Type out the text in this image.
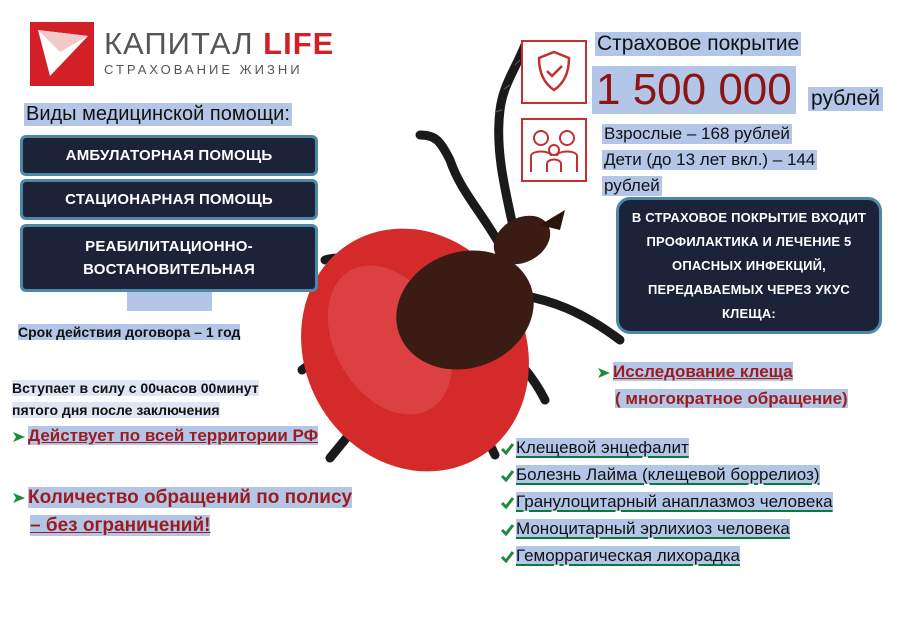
КАПИТАЛ LIFE
СТРАХОВАНИЕ ЖИЗНИ
Виды медицинской помощи:
АМБУЛАТОРНАЯ ПОМОЩЬ
СТАЦИОНАРНАЯ ПОМОЩЬ
РЕАБИЛИТАЦИОННО-
ВОСТАНОВИТЕЛЬНАЯ
Срок действия договора – 1 год
Вступает в силу с 00часов 00минут
пятого дня после заключения
Действует по всей территории РФ
Количество обращений по полису
– без ограничений!
Страховое покрытие
1 500 000 рублей
Взрослые – 168 рублей
Дети (до 13 лет вкл.) – 144
рублей
В СТРАХОВОЕ ПОКРЫТИЕ ВХОДИТ ПРОФИЛАКТИКА И ЛЕЧЕНИЕ 5 ОПАСНЫХ ИНФЕКЦИЙ, ПЕРЕДАВАЕМЫХ ЧЕРЕЗ УКУС КЛЕЩА:
Исследование клеща
( многократное обращение)
Клещевой энцефалит
Болезнь Лайма (клещевой боррелиоз)
Гранулоцитарный анаплазмоз человека
Моноцитарный эрлихиоз человека
Геморрагическая лихорадка
